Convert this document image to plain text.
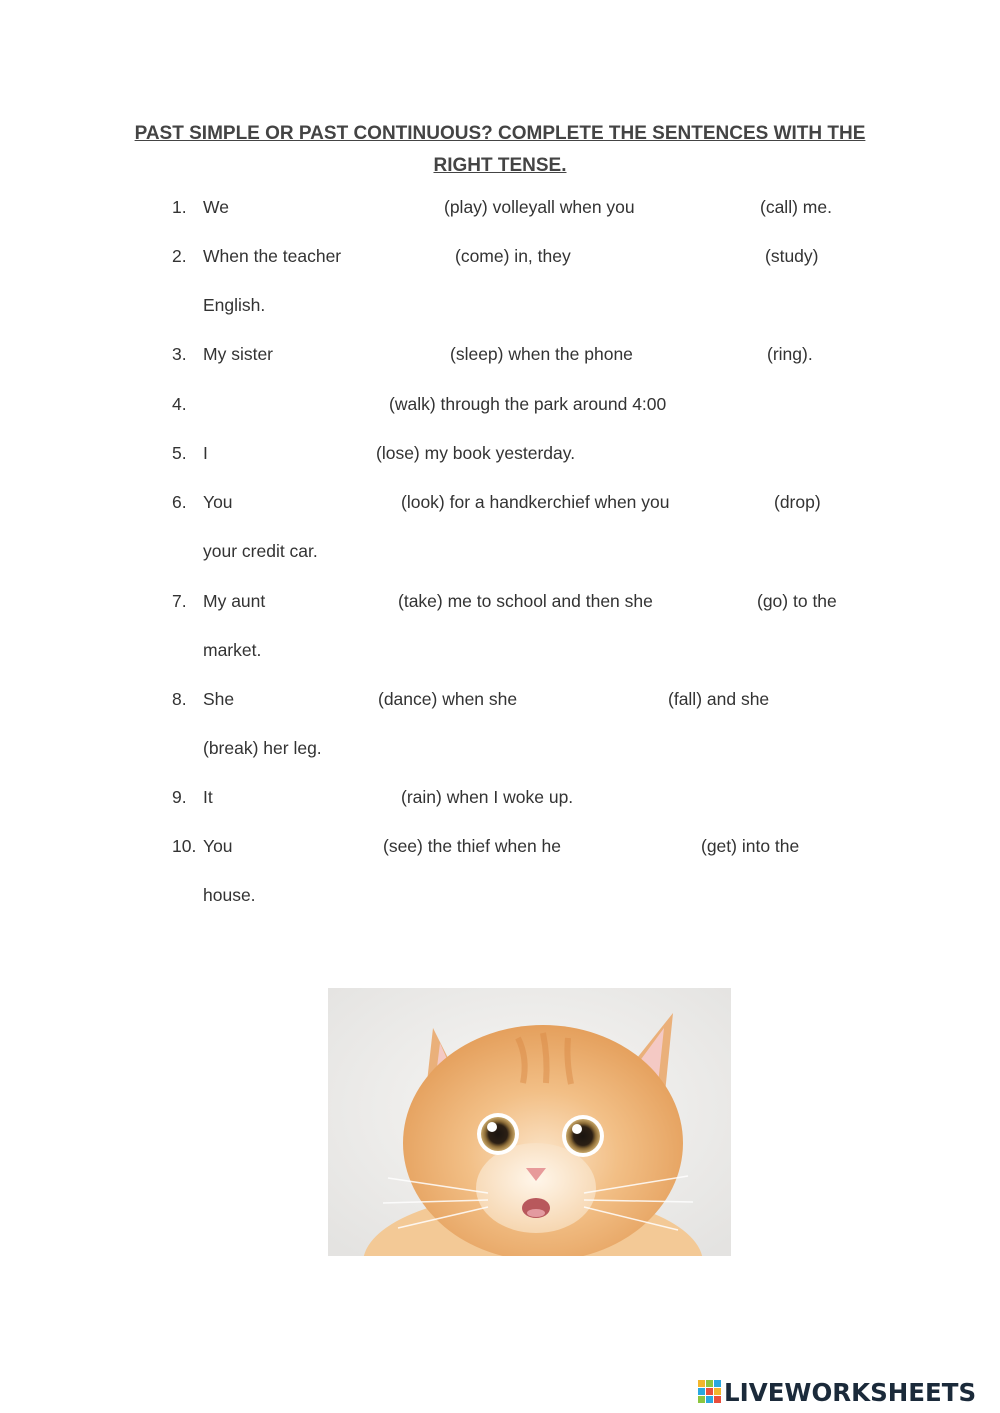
PAST SIMPLE OR PAST CONTINUOUS? COMPLETE THE SENTENCES WITH THE RIGHT TENSE.
1. We	(play) volleyall when you	(call) me.
2. When the teacher	(come) in, they	(study)
English.
3. My sister	(sleep) when the phone	(ring).
4.	(walk) through the park around 4:00
5. I	(lose) my book yesterday.
6. You	(look) for a handkerchief when you	(drop)
your credit car.
7. My aunt	(take) me to school and then she	(go) to the
market.
8. She	(dance) when she	(fall) and she
(break) her leg.
9. It	(rain) when I woke up.
10. You	(see) the thief when he	(get) into the
house.
LIVEWORKSHEETS
